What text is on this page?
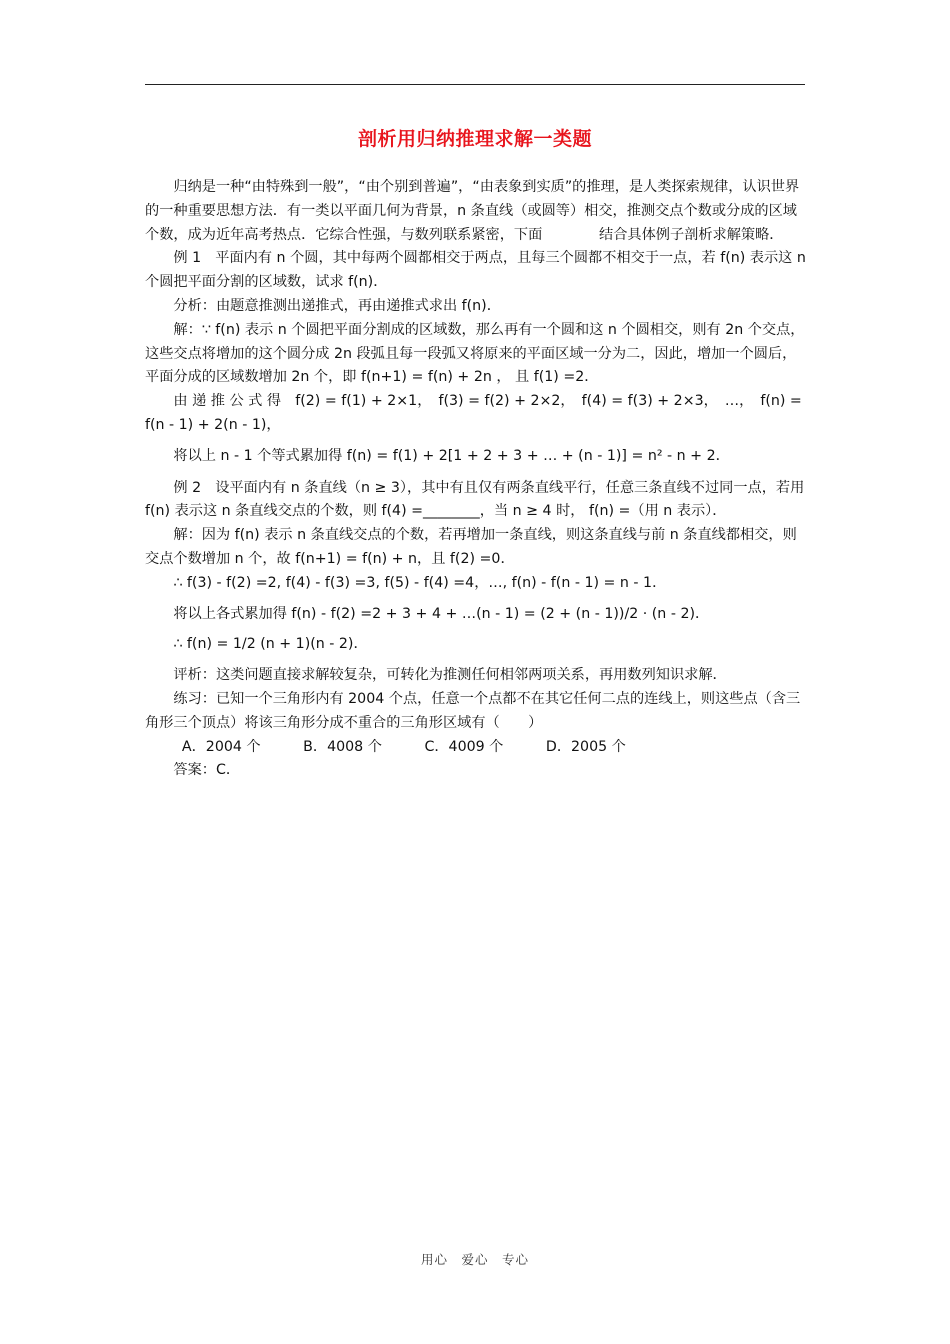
剖析用归纳推理求解一类题

归纳是一种“由特殊到一般”，“由个别到普遍”，“由表象到实质”的推理，是人类探索规律，认识世界的一种重要思想方法．有一类以平面几何为背景，n 条直线（或圆等）相交，推测交点个数或分成的区域个数，成为近年高考热点．它综合性强，与数列联系紧密，下面　　　　结合具体例子剖析求解策略．

例 1　平面内有 n 个圆，其中每两个圆都相交于两点，且每三个圆都不相交于一点，若 f(n) 表示这 n 个圆把平面分割的区域数，试求 f(n)．

分析：由题意推测出递推式，再由递推式求出 f(n)．

解：∵ f(n) 表示 n 个圆把平面分割成的区域数，那么再有一个圆和这 n 个圆相交，则有 2n 个交点，这些交点将增加的这个圆分成 2n 段弧且每一段弧又将原来的平面区域一分为二，因此，增加一个圆后，平面分成的区域数增加 2n 个，即 f(n+1) = f(n) + 2n ， 且 f(1) =2．

由 递 推 公 式 得　f(2) = f(1) + 2×1，　f(3) = f(2) + 2×2，　f(4) = f(3) + 2×3，　…，　f(n) = f(n - 1) + 2(n - 1)，

将以上 n - 1 个等式累加得 f(n) = f(1) + 2[1 + 2 + 3 + … + (n - 1)] = n² - n + 2．

例 2　设平面内有 n 条直线（n ≥ 3），其中有且仅有两条直线平行，任意三条直线不过同一点，若用 f(n) 表示这 n 条直线交点的个数，则 f(4) =________，当 n ≥ 4 时， f(n) =（用 n 表示）．

解：因为 f(n) 表示 n 条直线交点的个数，若再增加一条直线，则这条直线与前 n 条直线都相交，则交点个数增加 n 个，故 f(n+1) = f(n) + n，且 f(2) =0．

∴ f(3) - f(2) =2, f(4) - f(3) =3, f(5) - f(4) =4，…, f(n) - f(n - 1) = n - 1．

将以上各式累加得 f(n) - f(2) =2 + 3 + 4 + …(n - 1) = (2 + (n - 1))/2 · (n - 2)．

∴ f(n) = 1/2 (n + 1)(n - 2)．

评析：这类问题直接求解较复杂，可转化为推测任何相邻两项关系，再用数列知识求解．

练习：已知一个三角形内有 2004 个点，任意一个点都不在其它任何二点的连线上，则这些点（含三角形三个顶点）将该三角形分成不重合的三角形区域有（　　）

A．2004 个　　　B．4008 个　　　C．4009 个　　　D．2005 个

答案：C．

用心　爱心　专心
